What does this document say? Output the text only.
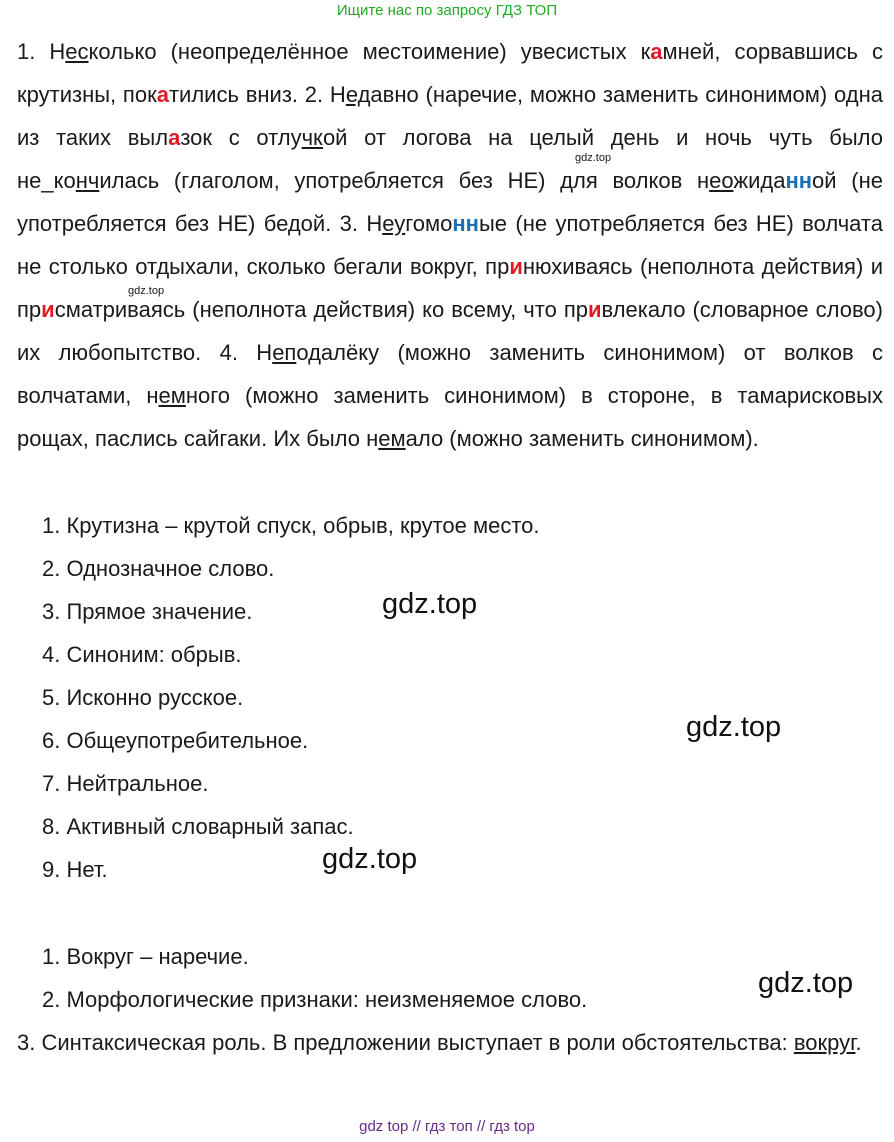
Ищите нас по запросу ГДЗ ТОП

1. Несколько (неопределённое местоимение) увесистых камней, сорвавшись с крутизны, покатились вниз. 2. Недавно (наречие, можно заменить синонимом) одна из таких вылазок с отлучкой от логова на целый день и ночь чуть было не_кончилась (глаголом, употребляется без НЕ) для волков неожиданной (не употребляется без НЕ) бедой. 3. Неугомонные (не употребляется без НЕ) волчата не столько отдыхали, сколько бегали вокруг, принюхиваясь (неполнота действия) и присматриваясь (неполнота действия) ко всему, что привлекало (словарное слово) их любопытство. 4. Неподалёку (можно заменить синонимом) от волков с волчатами, немного (можно заменить синонимом) в стороне, в тамарисковых рощах, паслись сайгаки. Их было немало (можно заменить синонимом).

1. Крутизна – крутой спуск, обрыв, крутое место.
2. Однозначное слово.
3. Прямое значение.
4. Синоним: обрыв.
5. Исконно русское.
6. Общеупотребительное.
7. Нейтральное.
8. Активный словарный запас.
9. Нет.
1. Вокруг – наречие.
2. Морфологические признаки: неизменяемое слово.

3. Синтаксическая роль. В предложении выступает в роли обстоятельства: вокруг.

gdz.top
gdz.top
gdz.top
gdz.top
gdz.top
gdz.top
gdz top // гдз топ // гдз top
